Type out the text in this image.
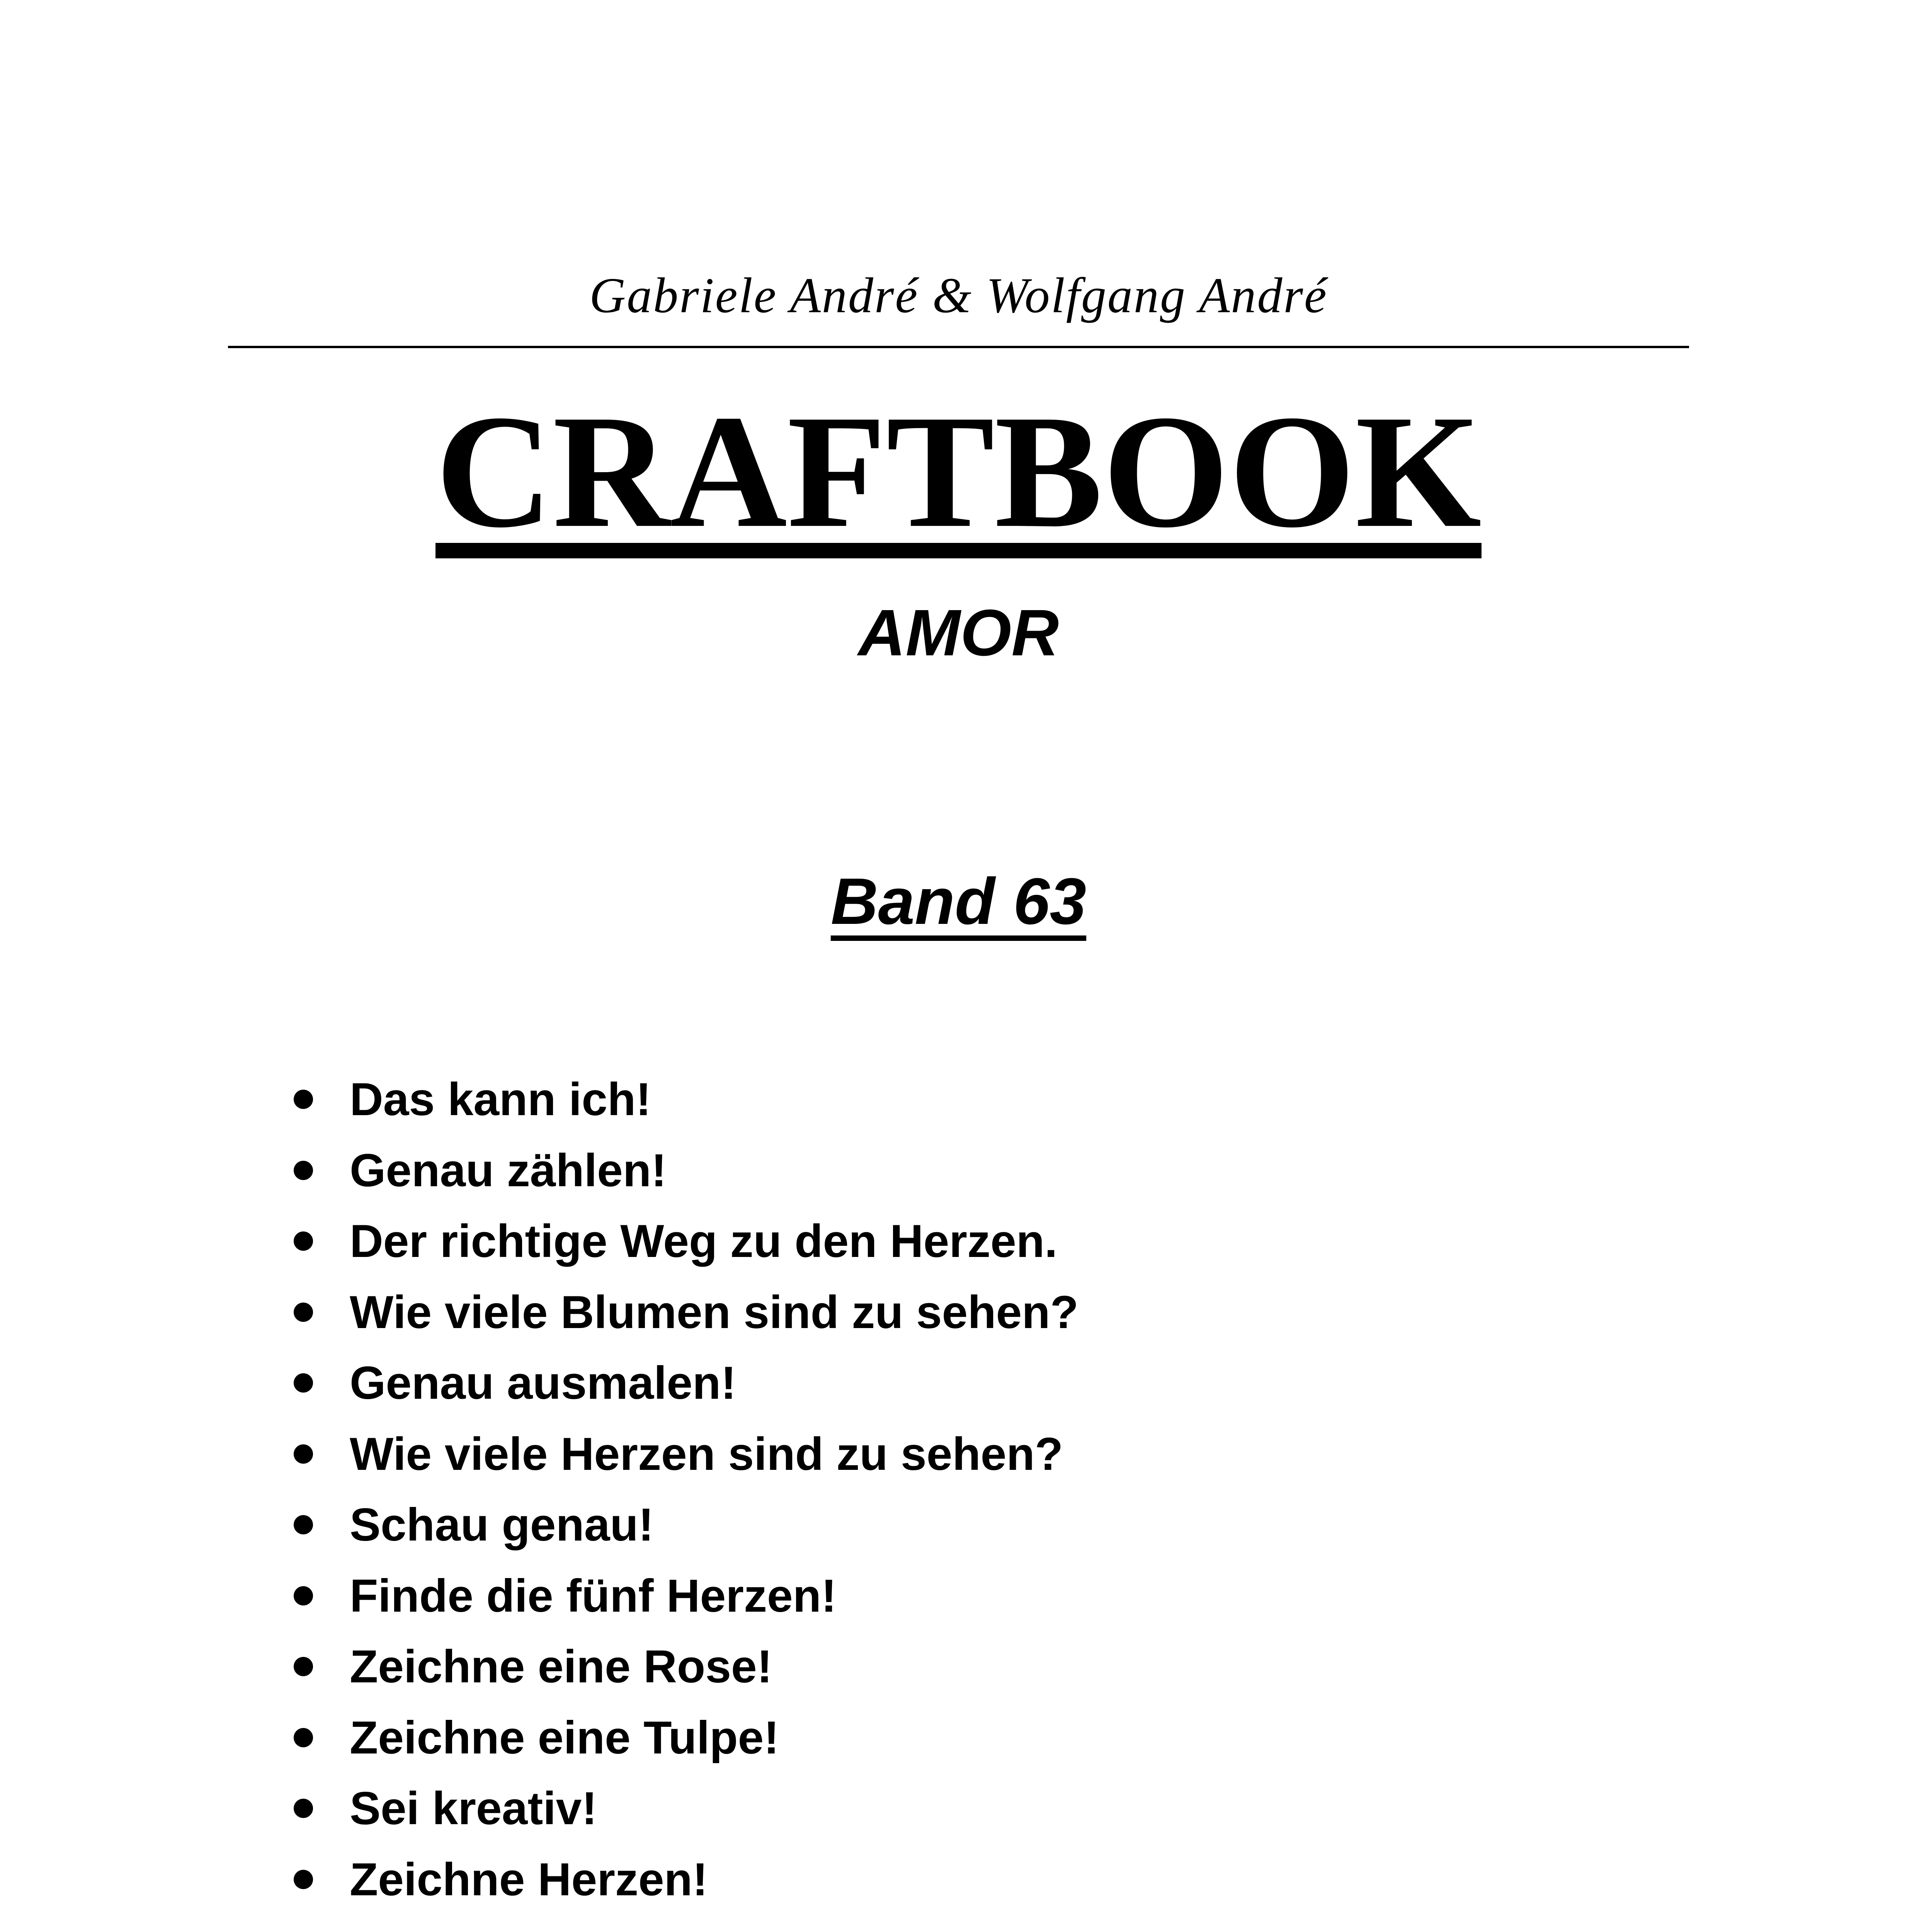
Gabriele André & Wolfgang André
CRAFTBOOK
AMOR
Band 63
Das kann ich!
Genau zählen!
Der richtige Weg zu den Herzen.
Wie viele Blumen sind zu sehen?
Genau ausmalen!
Wie viele Herzen sind zu sehen?
Schau genau!
Finde die fünf Herzen!
Zeichne eine Rose!
Zeichne eine Tulpe!
Sei kreativ!
Zeichne Herzen!
